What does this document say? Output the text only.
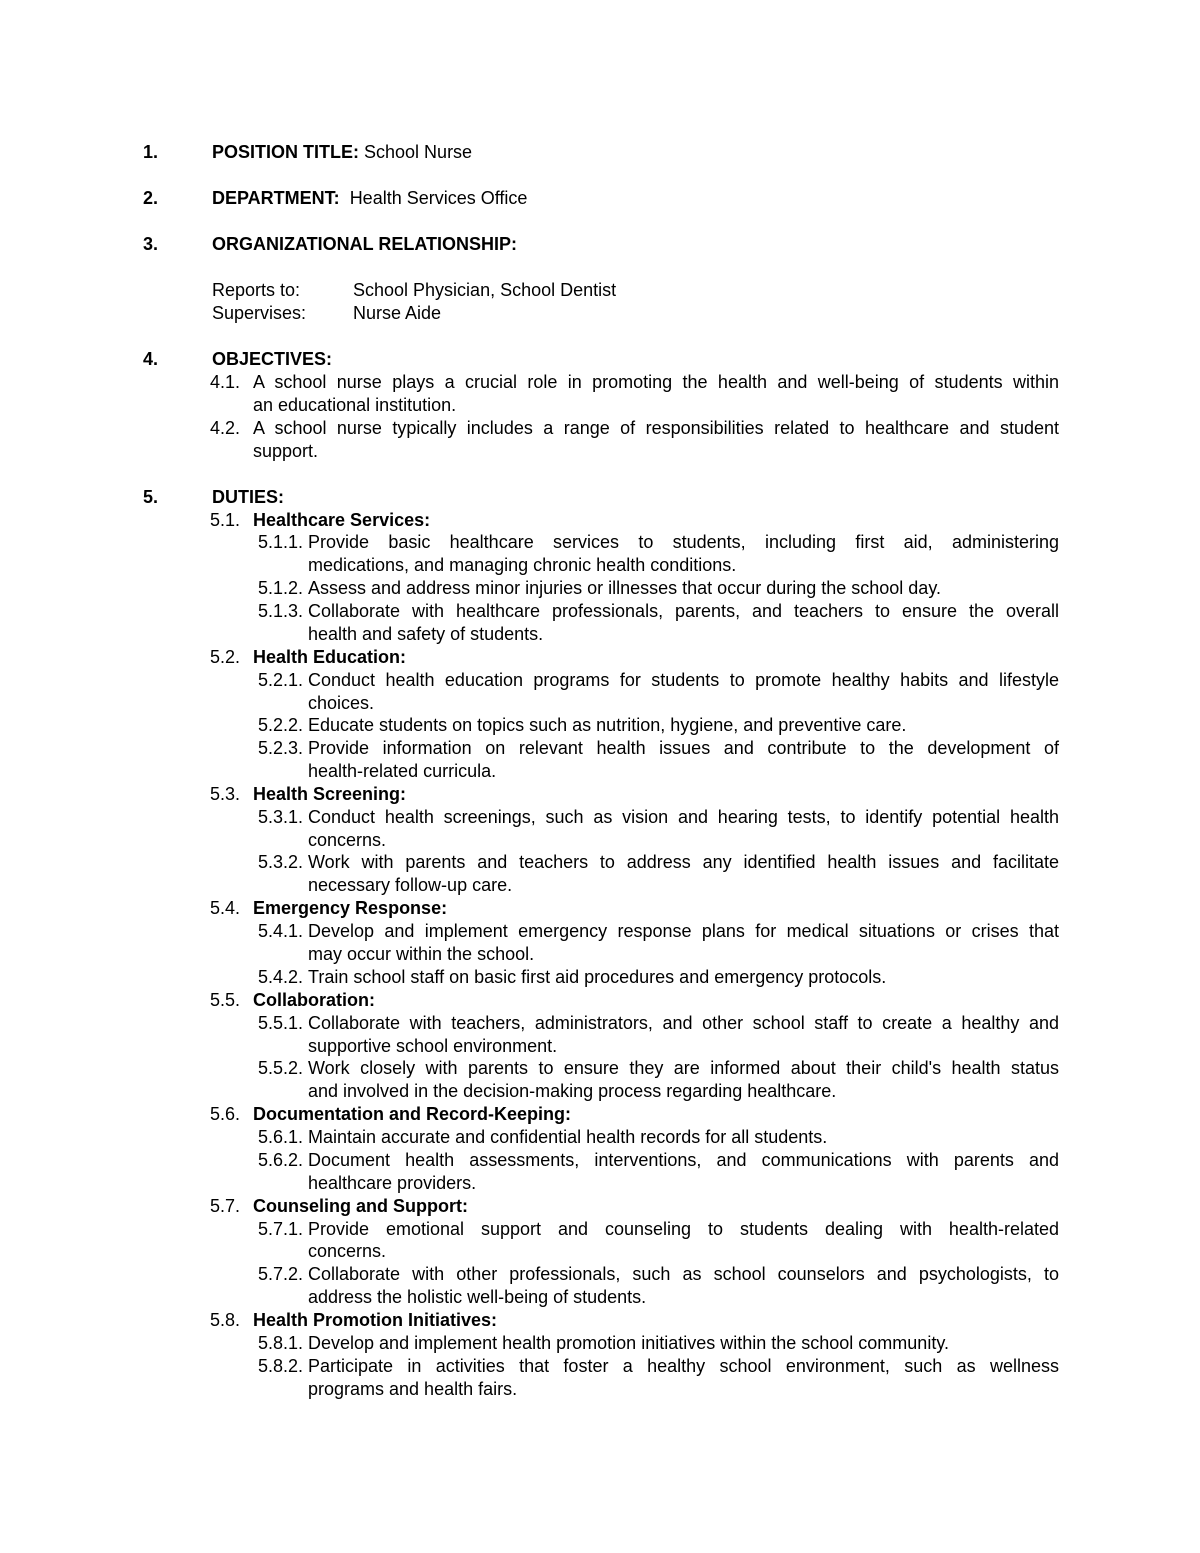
1.	POSITION TITLE: School Nurse
2.	DEPARTMENT: Health Services Office
3.	ORGANIZATIONAL RELATIONSHIP:
Reports to:	School Physician, School Dentist
Supervises:	Nurse Aide
4.	OBJECTIVES:
4.1. A school nurse plays a crucial role in promoting the health and well-being of students within
an educational institution.
4.2. A school nurse typically includes a range of responsibilities related to healthcare and student
support.
5.	DUTIES:
5.1. Healthcare Services:
5.1.1. Provide basic healthcare services to students, including first aid, administering
medications, and managing chronic health conditions.
5.1.2. Assess and address minor injuries or illnesses that occur during the school day.
5.1.3. Collaborate with healthcare professionals, parents, and teachers to ensure the overall
health and safety of students.
5.2. Health Education:
5.2.1. Conduct health education programs for students to promote healthy habits and lifestyle
choices.
5.2.2. Educate students on topics such as nutrition, hygiene, and preventive care.
5.2.3. Provide information on relevant health issues and contribute to the development of
health-related curricula.
5.3. Health Screening:
5.3.1. Conduct health screenings, such as vision and hearing tests, to identify potential health
concerns.
5.3.2. Work with parents and teachers to address any identified health issues and facilitate
necessary follow-up care.
5.4. Emergency Response:
5.4.1. Develop and implement emergency response plans for medical situations or crises that
may occur within the school.
5.4.2. Train school staff on basic first aid procedures and emergency protocols.
5.5. Collaboration:
5.5.1. Collaborate with teachers, administrators, and other school staff to create a healthy and
supportive school environment.
5.5.2. Work closely with parents to ensure they are informed about their child's health status
and involved in the decision-making process regarding healthcare.
5.6. Documentation and Record-Keeping:
5.6.1. Maintain accurate and confidential health records for all students.
5.6.2. Document health assessments, interventions, and communications with parents and
healthcare providers.
5.7. Counseling and Support:
5.7.1. Provide emotional support and counseling to students dealing with health-related
concerns.
5.7.2. Collaborate with other professionals, such as school counselors and psychologists, to
address the holistic well-being of students.
5.8. Health Promotion Initiatives:
5.8.1. Develop and implement health promotion initiatives within the school community.
5.8.2. Participate in activities that foster a healthy school environment, such as wellness
programs and health fairs.
